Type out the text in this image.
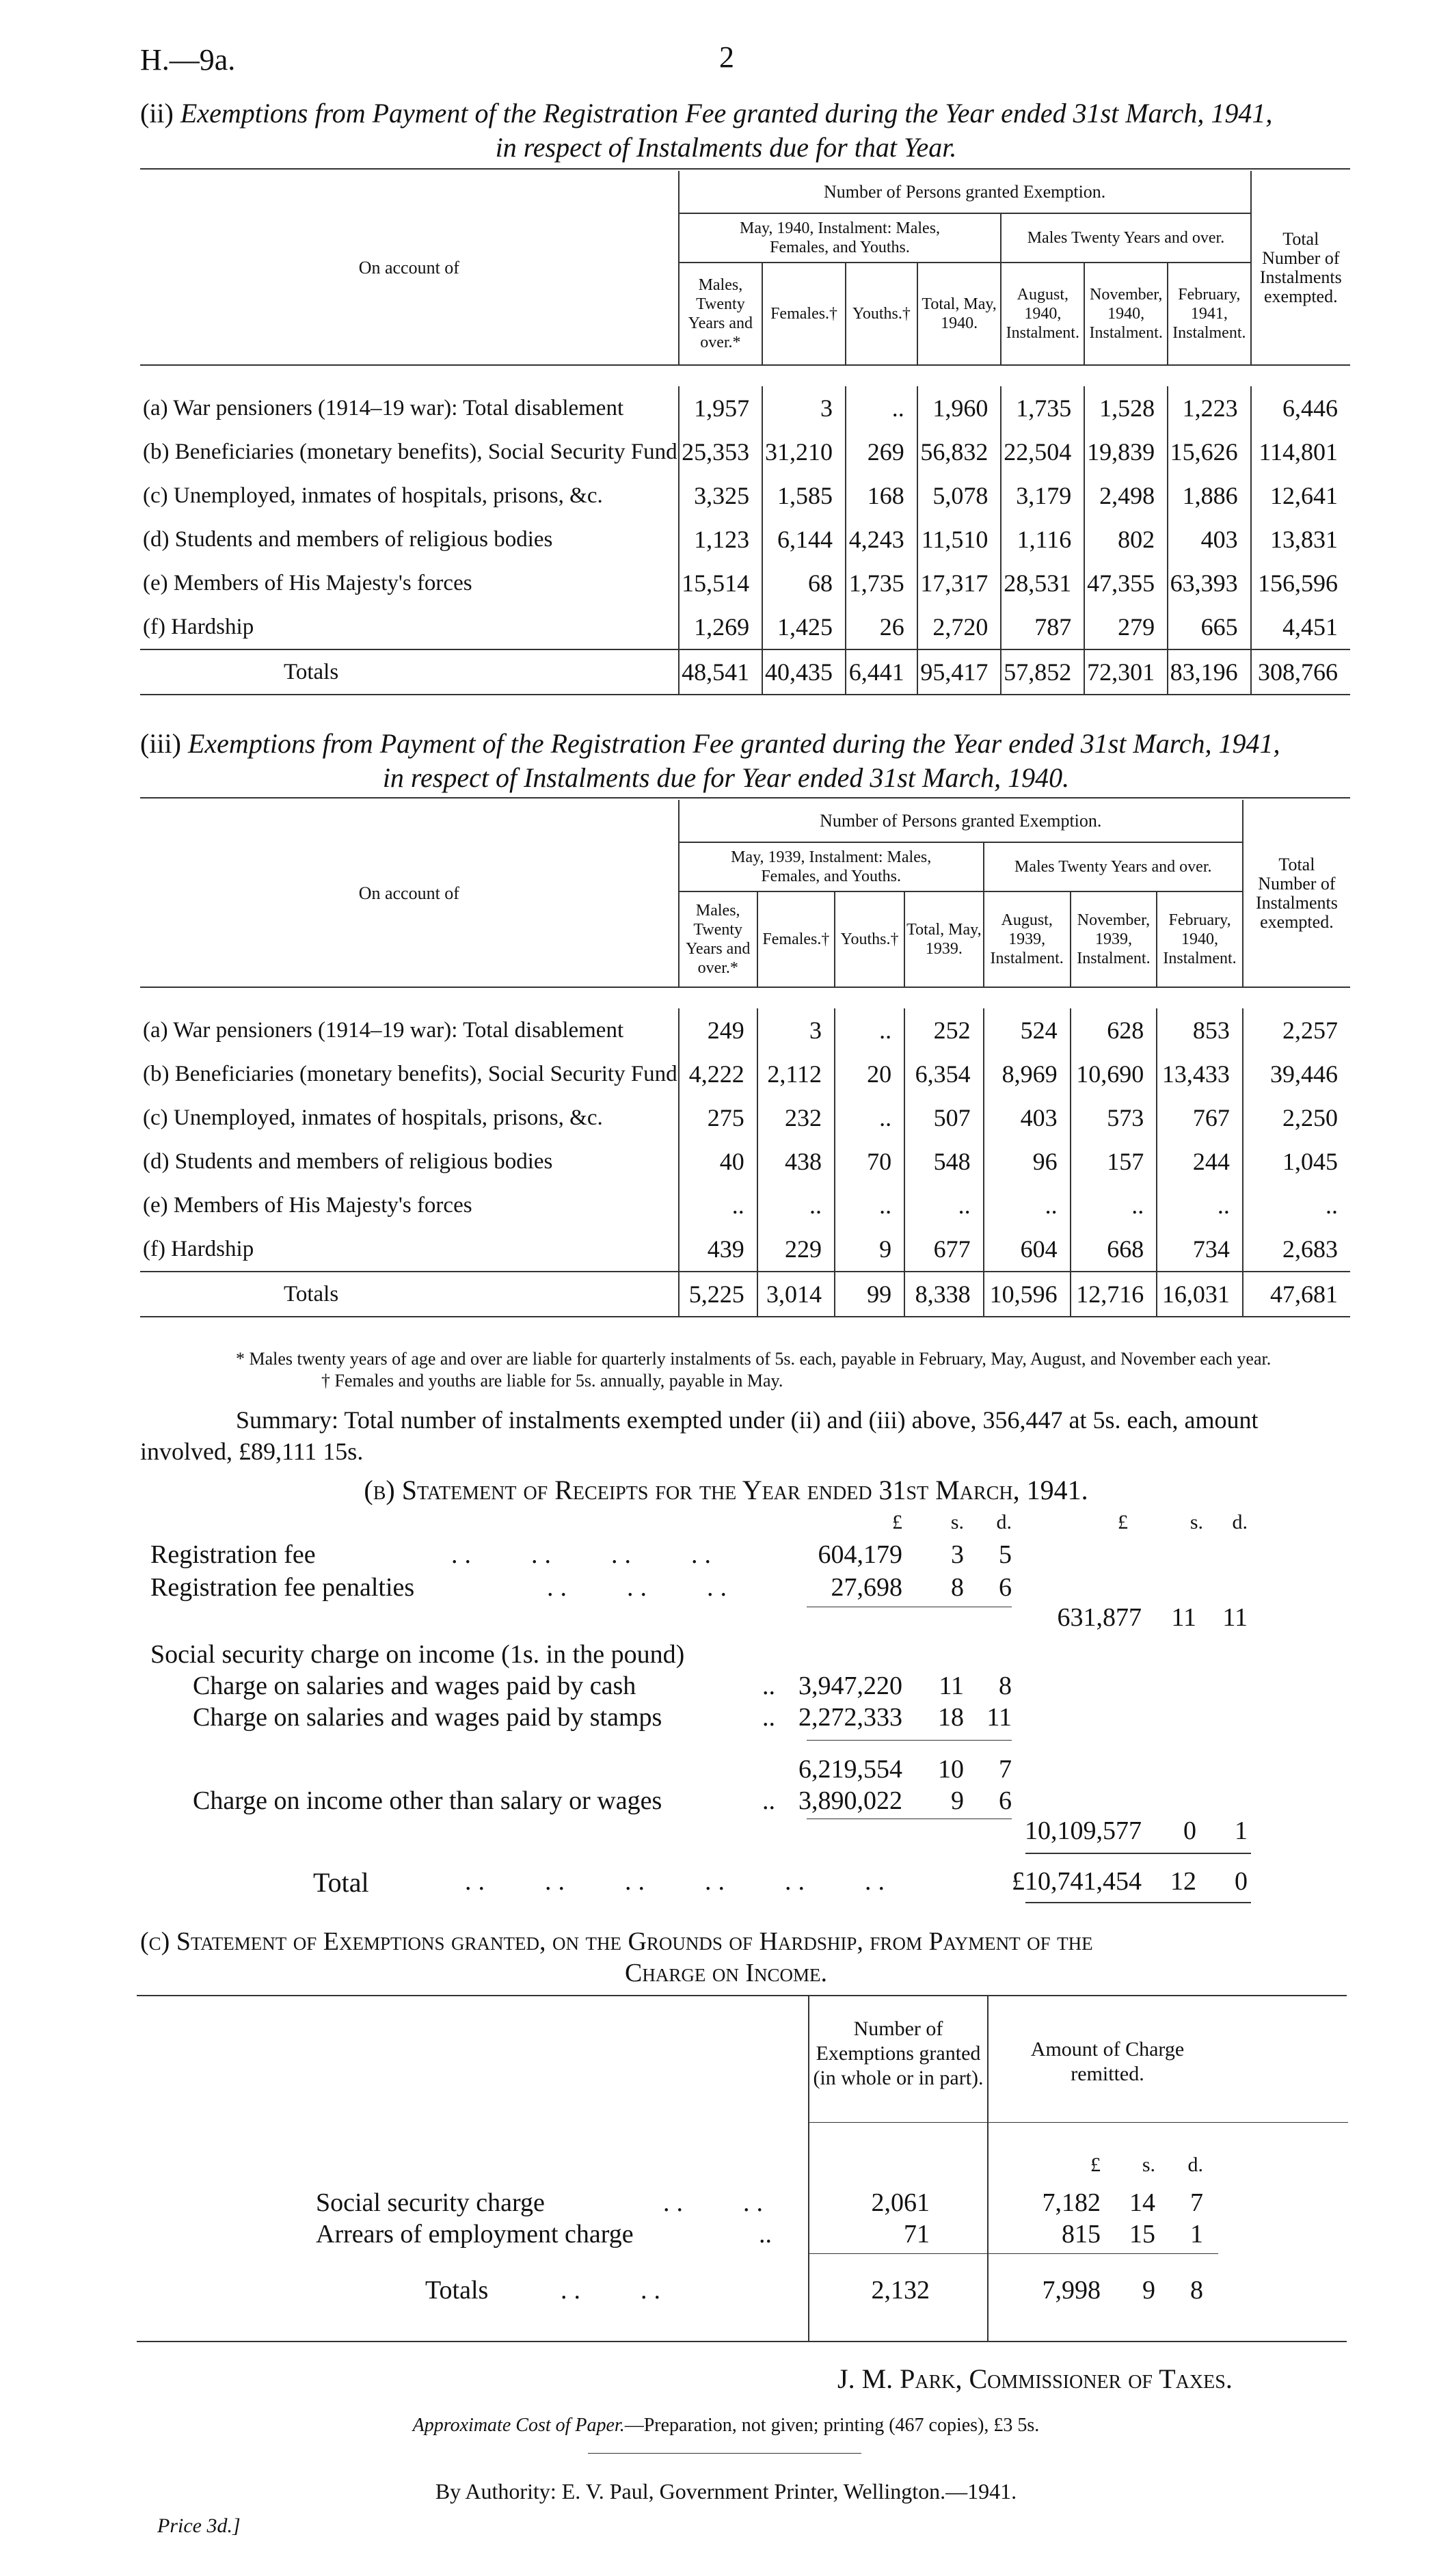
H.—9a.	2
(ii) Exemptions from Payment of the Registration Fee granted during the Year ended 31st March, 1941,
in respect of Instalments due for that Year.
On account of	Number of Persons granted Exemption.							Total Number of Instalments exempted.
	May, 1940, Instalment: Males, Females, and Youths.				Males Twenty Years and over.			
	Males, Twenty Years and over.*	Females.†	Youths.†	Total, May, 1940.	August, 1940, Instalment.	November, 1940, Instalment.	February, 1941, Instalment.	

(a) War pensioners (1914–19 war): Total disablement	1,957	3	..	1,960	1,735	1,528	1,223	6,446
(b) Beneficiaries (monetary benefits), Social Security Fund	25,353	31,210	269	56,832	22,504	19,839	15,626	114,801
(c) Unemployed, inmates of hospitals, prisons, &c.	3,325	1,585	168	5,078	3,179	2,498	1,886	12,641
(d) Students and members of religious bodies	1,123	6,144	4,243	11,510	1,116	802	403	13,831
(e) Members of His Majesty's forces	15,514	68	1,735	17,317	28,531	47,355	63,393	156,596
(f) Hardship	1,269	1,425	26	2,720	787	279	665	4,451
Totals	48,541	40,435	6,441	95,417	57,852	72,301	83,196	308,766
(iii) Exemptions from Payment of the Registration Fee granted during the Year ended 31st March, 1941,
in respect of Instalments due for Year ended 31st March, 1940.
On account of	Number of Persons granted Exemption.							Total Number of Instalments exempted.
	May, 1939, Instalment: Males, Females, and Youths.				Males Twenty Years and over.			
	Males, Twenty Years and over.*	Females.†	Youths.†	Total, May, 1939.	August, 1939, Instalment.	November, 1939, Instalment.	February, 1940, Instalment.	

(a) War pensioners (1914–19 war): Total disablement	249	3	..	252	524	628	853	2,257
(b) Beneficiaries (monetary benefits), Social Security Fund	4,222	2,112	20	6,354	8,969	10,690	13,433	39,446
(c) Unemployed, inmates of hospitals, prisons, &c.	275	232	..	507	403	573	767	2,250
(d) Students and members of religious bodies	40	438	70	548	96	157	244	1,045
(e) Members of His Majesty's forces	..	..	..	..	..	..	..	..
(f) Hardship	439	229	9	677	604	668	734	2,683
Totals	5,225	3,014	99	8,338	10,596	12,716	16,031	47,681
* Males twenty years of age and over are liable for quarterly instalments of 5s. each, payable in February, May, August, and November each year.
† Females and youths are liable for 5s. annually, payable in May.
Summary: Total number of instalments exempted under (ii) and (iii) above, 356,447 at 5s. each, amount involved, £89,111 15s.
(b) Statement of Receipts for the Year ended 31st March, 1941.
£	s.	d.	£	s.	d.
Registration fee	..    ..    ..    ..	604,179	3	5
Registration fee penalties	..    ..    ..	27,698	8	6
631,877	11	11
Social security charge on income (1s. in the pound)
Charge on salaries and wages paid by cash	.. 3,947,220	11	8
Charge on salaries and wages paid by stamps	.. 2,272,333	18 11
6,219,554	10	7
Charge on income other than salary or wages	.. 3,890,022	9	6
10,109,577	0	1
Total	..    ..    ..    ..    ..    ..	£10,741,454	12	0
(c) Statement of Exemptions granted, on the Grounds of Hardship, from Payment of the
Charge on Income.
Number of Exemptions granted (in whole or in part).
Amount of Charge remitted.
£	s.	d.
Social security charge	..    ..	2,061	7,182	14	7
Arrears of employment charge	..	71	815	15	1
Totals	..    ..	2,132	7,998	9	8
J. M. Park, Commissioner of Taxes.
Approximate Cost of Paper.—Preparation, not given; printing (467 copies), £3 5s.
By Authority: E. V. Paul, Government Printer, Wellington.—1941.
Price 3d.]
